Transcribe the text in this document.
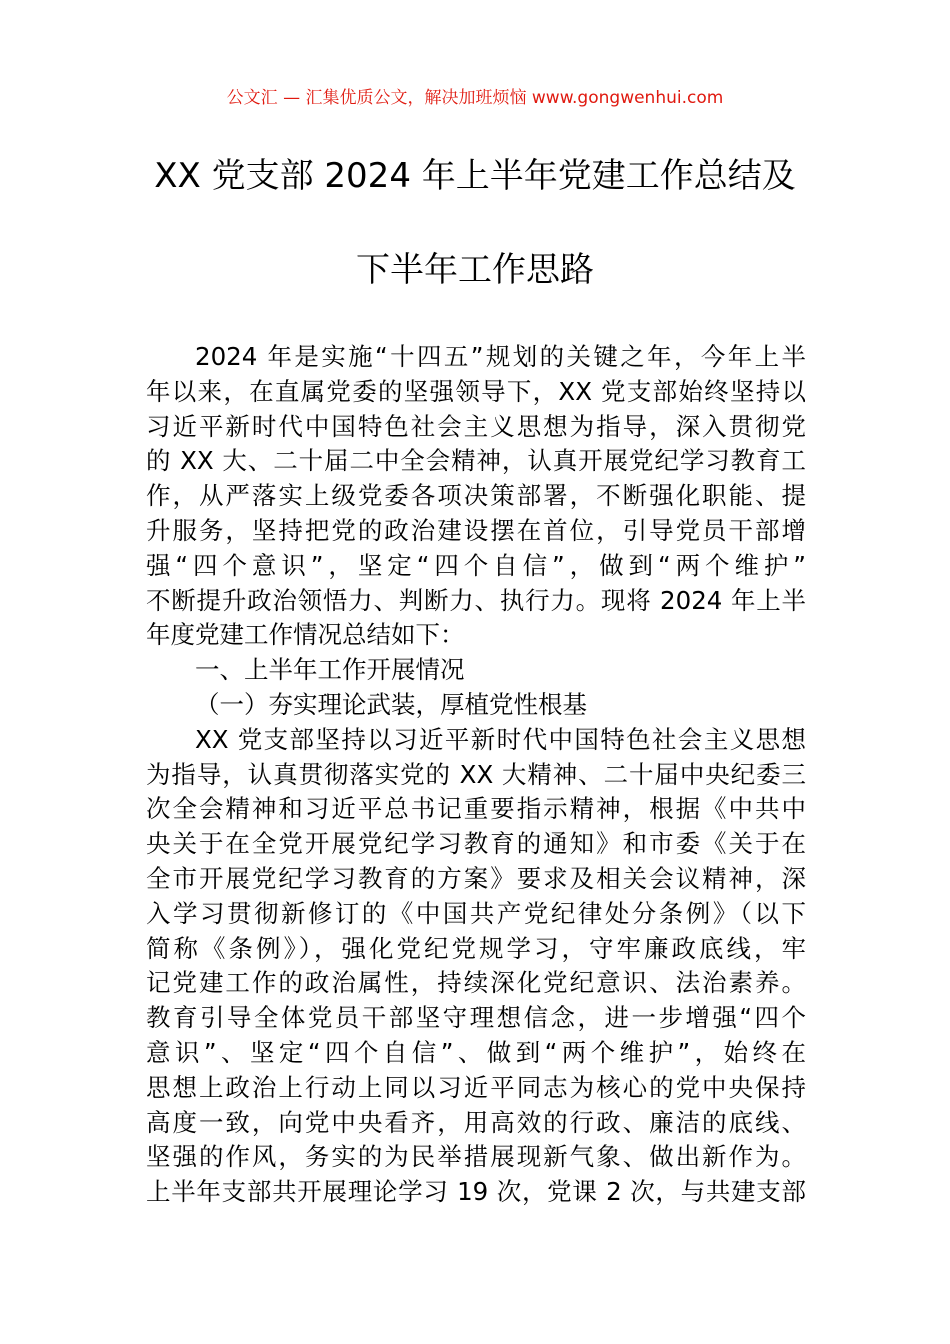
公文汇 — 汇集优质公文，解决加班烦恼 www.gongwenhui.com
XX 党支部 2024 年上半年党建工作总结及
下半年工作思路
2024 年是实施“十四五”规划的关键之年，今年上半
年以来，在直属党委的坚强领导下，XX 党支部始终坚持以
习近平新时代中国特色社会主义思想为指导，深入贯彻党
的 XX 大、二十届二中全会精神，认真开展党纪学习教育工
作，从严落实上级党委各项决策部署，不断强化职能、提
升服务，坚持把党的政治建设摆在首位，引导党员干部增
强“四个意识”，坚定“四个自信”，做到“两个维护”
不断提升政治领悟力、判断力、执行力。现将 2024 年上半
年度党建工作情况总结如下：
一、上半年工作开展情况
（一）夯实理论武装，厚植党性根基
XX 党支部坚持以习近平新时代中国特色社会主义思想
为指导，认真贯彻落实党的 XX 大精神、二十届中央纪委三
次全会精神和习近平总书记重要指示精神，根据《中共中
央关于在全党开展党纪学习教育的通知》和市委《关于在
全市开展党纪学习教育的方案》要求及相关会议精神，深
入学习贯彻新修订的《中国共产党纪律处分条例》（以下
简称《条例》），强化党纪党规学习，守牢廉政底线，牢
记党建工作的政治属性，持续深化党纪意识、法治素养。
教育引导全体党员干部坚守理想信念，进一步增强“四个
意识”、坚定“四个自信”、做到“两个维护”，始终在
思想上政治上行动上同以习近平同志为核心的党中央保持
高度一致，向党中央看齐，用高效的行政、廉洁的底线、
坚强的作风，务实的为民举措展现新气象、做出新作为。
上半年支部共开展理论学习 19 次，党课 2 次，与共建支部
